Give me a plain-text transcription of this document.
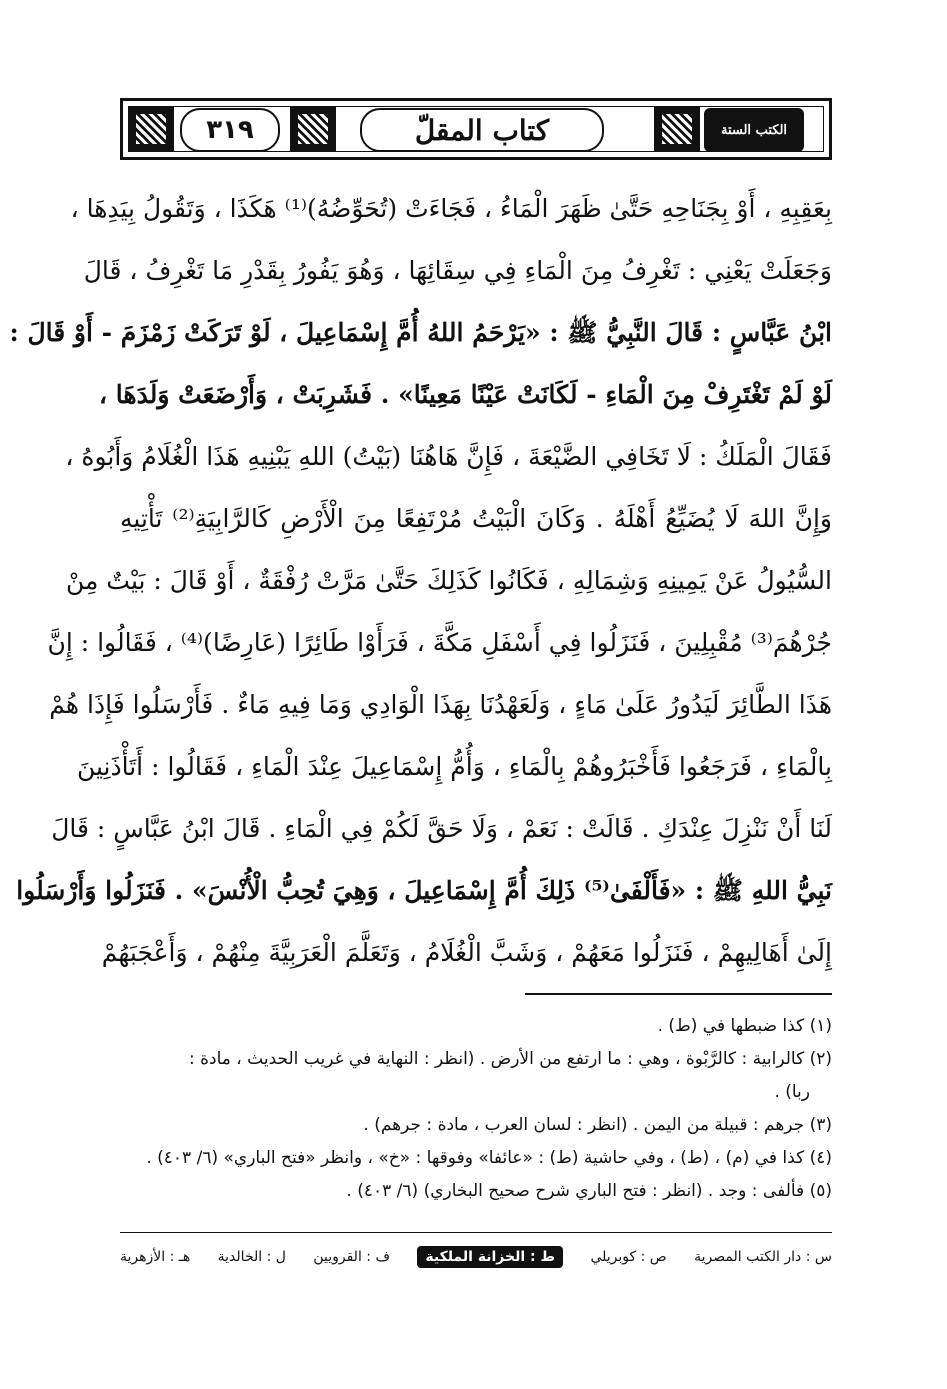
٣١٩	كتاب المقلّ	الكتب الستة

بِعَقِبِهِ ، أَوْ بِجَنَاحِهِ حَتَّىٰ ظَهَرَ الْمَاءُ ، فَجَاءَتْ (تُحَوِّضُهُ)⁽¹⁾ هَكَذَا ، وَتَقُولُ بِيَدِهَا ،

وَجَعَلَتْ يَعْنِي : تَغْرِفُ مِنَ الْمَاءِ فِي سِقَائِهَا ، وَهُوَ يَفُورُ بِقَدْرِ مَا تَغْرِفُ ، قَالَ

ابْنُ عَبَّاسٍ : قَالَ النَّبِيُّ ﷺ : «يَرْحَمُ اللهُ أُمَّ إِسْمَاعِيلَ ، لَوْ تَرَكَتْ زَمْزَمَ - أَوْ قَالَ :

لَوْ لَمْ تَغْتَرِفْ مِنَ الْمَاءِ - لَكَانَتْ عَيْنًا مَعِينًا» . فَشَرِبَتْ ، وَأَرْضَعَتْ وَلَدَهَا ،

فَقَالَ الْمَلَكُ : لَا تَخَافِي الضَّيْعَةَ ، فَإِنَّ هَاهُنَا (بَيْتُ) اللهِ يَبْنِيهِ هَذَا الْغُلَامُ وَأَبُوهُ ،

وَإِنَّ اللهَ لَا يُضَيِّعُ أَهْلَهُ . وَكَانَ الْبَيْتُ مُرْتَفِعًا مِنَ الْأَرْضِ كَالرَّابِيَةِ⁽²⁾ تَأْتِيهِ

السُّيُولُ عَنْ يَمِينِهِ وَشِمَالِهِ ، فَكَانُوا كَذَلِكَ حَتَّىٰ مَرَّتْ رُفْقَةٌ ، أَوْ قَالَ : بَيْتٌ مِنْ

جُرْهُمَ⁽³⁾ مُقْبِلِينَ ، فَنَزَلُوا فِي أَسْفَلِ مَكَّةَ ، فَرَأَوْا طَائِرًا (عَارِضًا)⁽⁴⁾ ، فَقَالُوا : إِنَّ

هَذَا الطَّائِرَ لَيَدُورُ عَلَىٰ مَاءٍ ، وَلَعَهْدُنَا بِهَذَا الْوَادِي وَمَا فِيهِ مَاءٌ . فَأَرْسَلُوا فَإِذَا هُمْ

بِالْمَاءِ ، فَرَجَعُوا فَأَخْبَرُوهُمْ بِالْمَاءِ ، وَأُمُّ إِسْمَاعِيلَ عِنْدَ الْمَاءِ ، فَقَالُوا : أَتَأْذَنِينَ

لَنَا أَنْ نَنْزِلَ عِنْدَكِ . قَالَتْ : نَعَمْ ، وَلَا حَقَّ لَكُمْ فِي الْمَاءِ . قَالَ ابْنُ عَبَّاسٍ : قَالَ

نَبِيُّ اللهِ ﷺ : «فَأَلْفَىٰ⁽⁵⁾ ذَلِكَ أُمَّ إِسْمَاعِيلَ ، وَهِيَ تُحِبُّ الْأُنْسَ» . فَنَزَلُوا وَأَرْسَلُوا

إِلَىٰ أَهَالِيهِمْ ، فَنَزَلُوا مَعَهُمْ ، وَشَبَّ الْغُلَامُ ، وَتَعَلَّمَ الْعَرَبِيَّةَ مِنْهُمْ ، وَأَعْجَبَهُمْ

(١) كذا ضبطها في (ط) .
(٢) كالرابية : كالرَّبْوة ، وهي : ما ارتفع من الأرض . (انظر : النهاية في غريب الحديث ، مادة :
ربا) .
(٣) جرهم : قبيلة من اليمن . (انظر : لسان العرب ، مادة : جرهم) .
(٤) كذا في (م) ، (ط) ، وفي حاشية (ط) : «عائفا» وفوقها : «خ» ، وانظر «فتح الباري» (٦/ ٤٠٣) .
(٥) فألفى : وجد . (انظر : فتح الباري شرح صحيح البخاري) (٦/ ٤٠٣) .
س : دار الكتب المصرية
ص : كوبريلي
ط : الخزانة الملكية
ف : القرويين
ل : الخالدية
هـ : الأزهرية
